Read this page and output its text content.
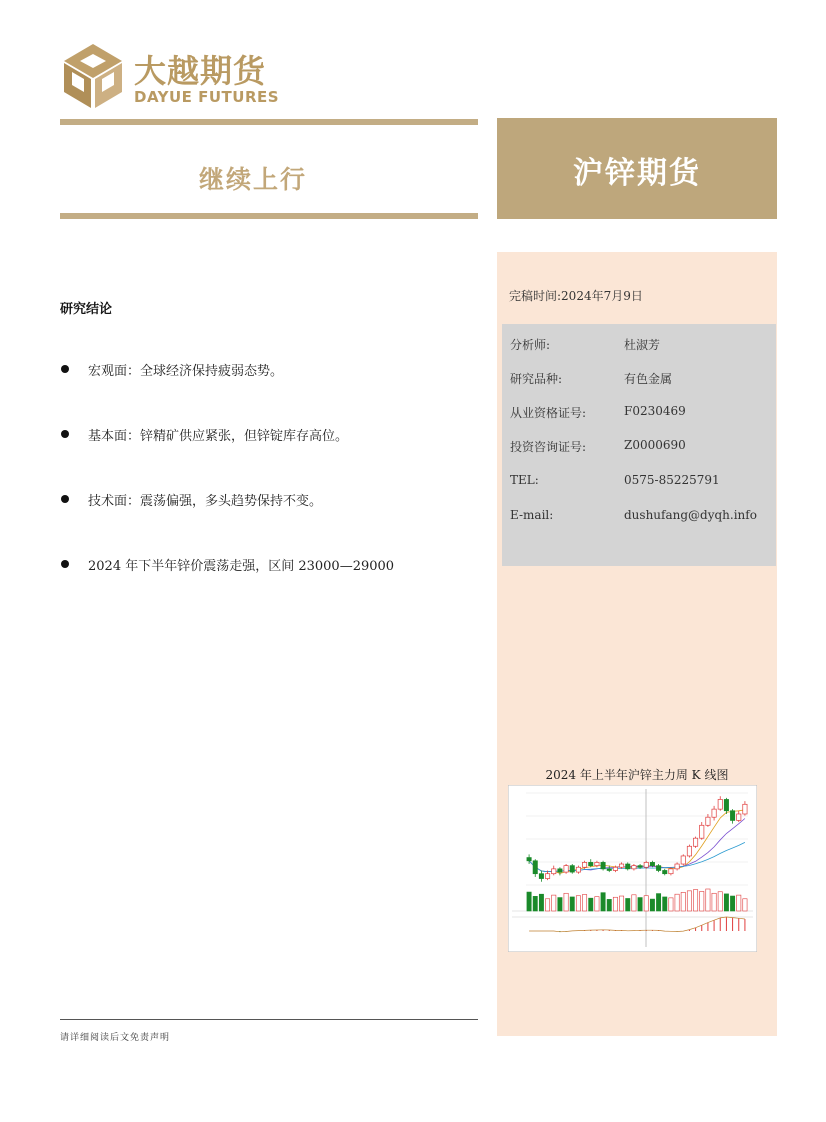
大越期货
DAYUE FUTURES
继续上行	沪锌期货
研究结论
宏观面：全球经济保持疲弱态势。
基本面：锌精矿供应紧张，但锌锭库存高位。
技术面：震荡偏强，多头趋势保持不变。
2024 年下半年锌价震荡走强，区间 23000—29000
完稿时间:2024年7月9日
分析师:	杜淑芳
研究品种:	有色金属
从业资格证号:	F0230469
投资咨询证号:	Z0000690
TEL:	0575-85225791
E-mail:	dushufang@dyqh.info
2024 年上半年沪锌主力周 K 线图
请详细阅读后文免责声明
